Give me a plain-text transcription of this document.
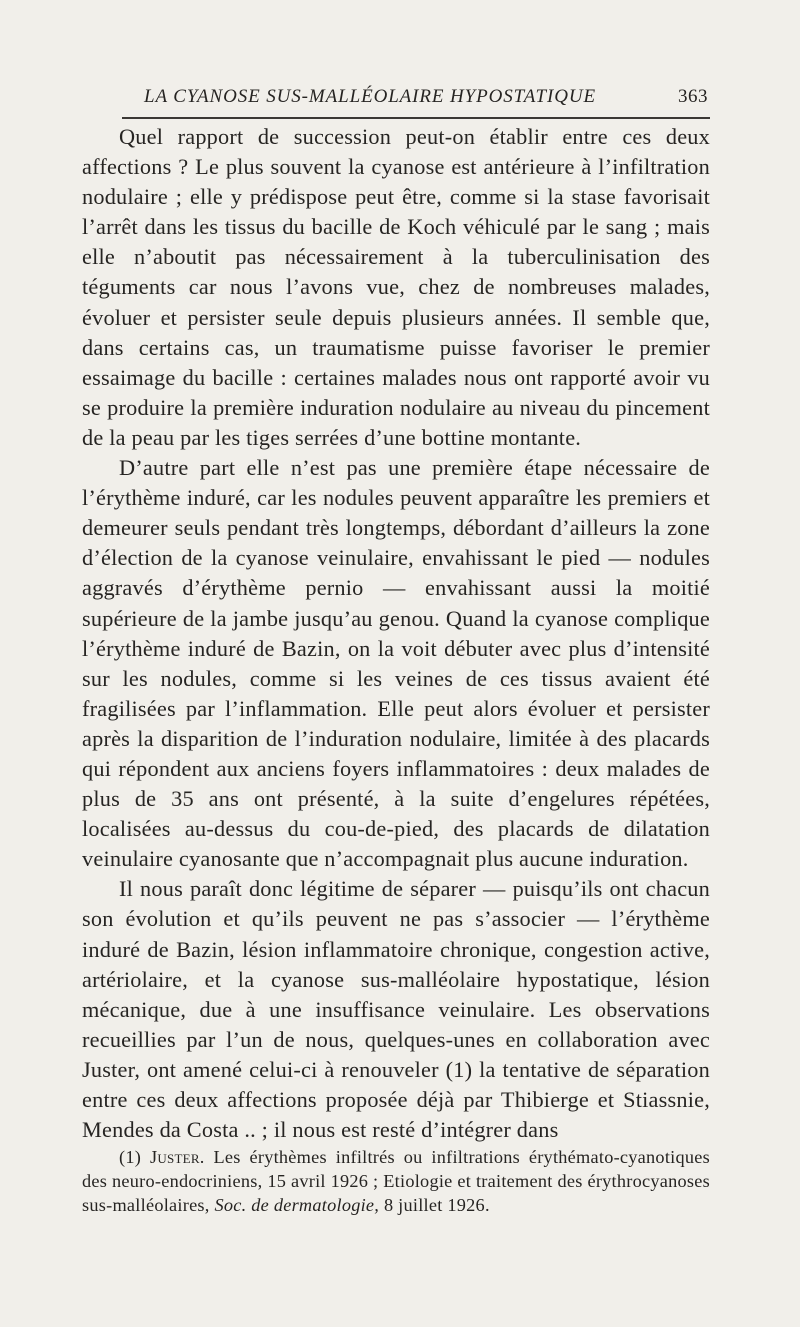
LA CYANOSE SUS-MALLÉOLAIRE HYPOSTATIQUE	363

Quel rapport de succession peut-on établir entre ces deux affections ? Le plus souvent la cyanose est antérieure à l’infiltration nodulaire ; elle y prédispose peut être, comme si la stase favorisait l’arrêt dans les tissus du bacille de Koch véhiculé par le sang ; mais elle n’aboutit pas nécessairement à la tuberculinisation des téguments car nous l’avons vue, chez de nombreuses malades, évoluer et persister seule depuis plusieurs années. Il semble que, dans certains cas, un traumatisme puisse favoriser le premier essaimage du bacille : certaines malades nous ont rapporté avoir vu se produire la première induration nodulaire au niveau du pincement de la peau par les tiges serrées d’une bottine montante.

D’autre part elle n’est pas une première étape nécessaire de l’érythème induré, car les nodules peuvent apparaître les premiers et demeurer seuls pendant très longtemps, débordant d’ailleurs la zone d’élection de la cyanose veinulaire, envahissant le pied — nodules aggravés d’érythème pernio — envahissant aussi la moitié supérieure de la jambe jusqu’au genou. Quand la cyanose complique l’érythème induré de Bazin, on la voit débuter avec plus d’intensité sur les nodules, comme si les veines de ces tissus avaient été fragilisées par l’inflammation. Elle peut alors évoluer et persister après la disparition de l’induration nodulaire, limitée à des placards qui répondent aux anciens foyers inflammatoires : deux malades de plus de 35 ans ont présenté, à la suite d’engelures répétées, localisées au-dessus du cou-de-pied, des placards de dilatation veinulaire cyanosante que n’accompagnait plus aucune induration.

Il nous paraît donc légitime de séparer — puisqu’ils ont chacun son évolution et qu’ils peuvent ne pas s’associer — l’érythème induré de Bazin, lésion inflammatoire chronique, congestion active, artériolaire, et la cyanose sus-malléolaire hypostatique, lésion mécanique, due à une insuffisance veinulaire. Les observations recueillies par l’un de nous, quelques-unes en collaboration avec Juster, ont amené celui-ci à renouveler (1) la tentative de séparation entre ces deux affections proposée déjà par Thibierge et Stiassnie, Mendes da Costa .. ; il nous est resté d’intégrer dans

(1) Juster. Les érythèmes infiltrés ou infiltrations érythémato-cyanotiques des neuro-endocriniens, 15 avril 1926 ; Etiologie et traitement des érythrocyanoses sus-malléolaires, Soc. de dermatologie, 8 juillet 1926.
